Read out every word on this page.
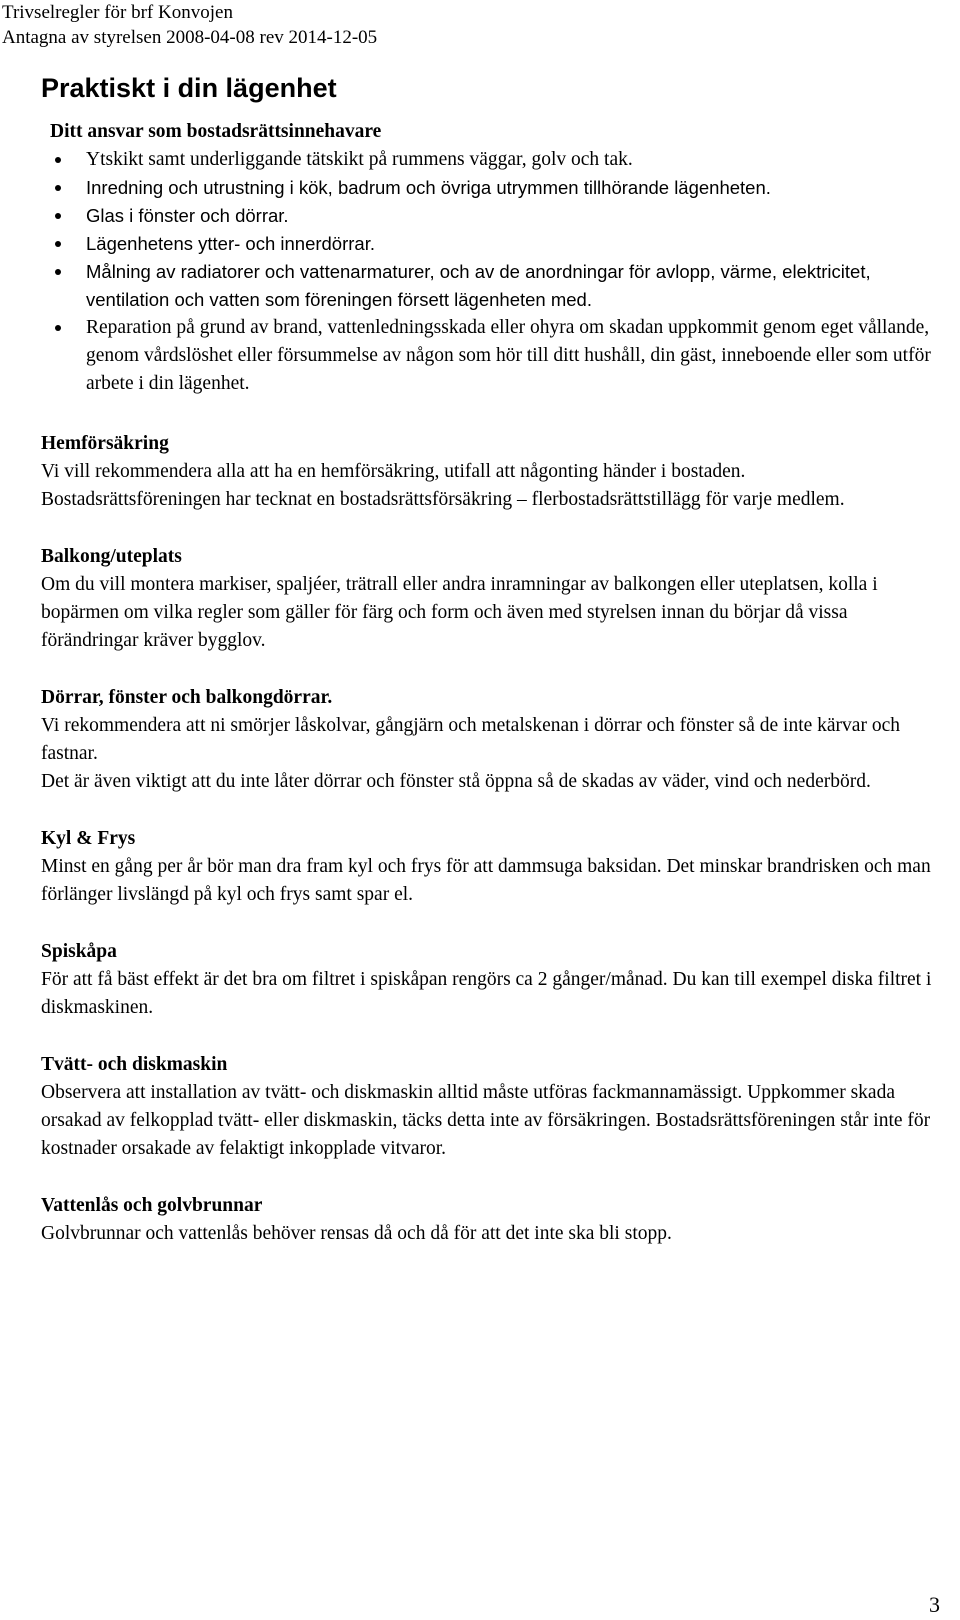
Trivselregler för brf Konvojen
Antagna av styrelsen 2008-04-08 rev 2014-12-05
Praktiskt i din lägenhet

Ditt ansvar som bostadsrättsinnehavare

Ytskikt samt underliggande tätskikt på rummens väggar, golv och tak.
Inredning och utrustning i kök, badrum och övriga utrymmen tillhörande lägenheten.
Glas i fönster och dörrar.
Lägenhetens ytter- och innerdörrar.
Målning av radiatorer och vattenarmaturer, och av de anordningar för avlopp, värme, elektricitet, ventilation och vatten som föreningen försett lägenheten med.
Reparation på grund av brand, vattenledningsskada eller ohyra om skadan uppkommit genom eget vållande, genom vårdslöshet eller försummelse av någon som hör till ditt hushåll, din gäst, inneboende eller som utför arbete i din lägenhet.

Hemförsäkring

Vi vill rekommendera alla att ha en hemförsäkring, utifall att någonting händer i bostaden.

Bostadsrättsföreningen har tecknat en bostadsrättsförsäkring – flerbostadsrättstillägg för varje medlem.

Balkong/uteplats

Om du vill montera markiser, spaljéer, trätrall eller andra inramningar av balkongen eller uteplatsen, kolla i bopärmen om vilka regler som gäller för färg och form och även med styrelsen innan du börjar då vissa förändringar kräver bygglov.

Dörrar, fönster och balkongdörrar.

Vi rekommendera att ni smörjer låskolvar, gångjärn och metalskenan i dörrar och fönster så de inte kärvar och fastnar.

Det är även viktigt att du inte låter dörrar och fönster stå öppna så de skadas av väder, vind och nederbörd.

Kyl & Frys

Minst en gång per år bör man dra fram kyl och frys för att dammsuga baksidan. Det minskar brandrisken och man förlänger livslängd på kyl och frys samt spar el.

Spiskåpa

För att få bäst effekt är det bra om filtret i spiskåpan rengörs ca 2 gånger/månad. Du kan till exempel diska filtret i diskmaskinen.

Tvätt- och diskmaskin

Observera att installation av tvätt- och diskmaskin alltid måste utföras fackmannamässigt. Uppkommer skada orsakad av felkopplad tvätt- eller diskmaskin, täcks detta inte av försäkringen. Bostadsrättsföreningen står inte för kostnader orsakade av felaktigt inkopplade vitvaror.

Vattenlås och golvbrunnar

Golvbrunnar och vattenlås behöver rensas då och då för att det inte ska bli stopp.

3
